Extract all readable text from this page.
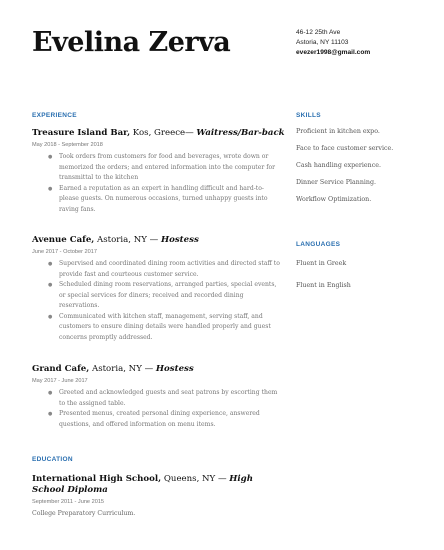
Evelina Zerva	46-12 25th Ave
Astoria, NY 11103
evezer1998@gmail.com
EXPERIENCE
Treasure Island Bar, Kos, Greece— Waitress/Bar-back
May 2018 - September 2018
● Took orders from customers for food and beverages, wrote down or memorized the orders; and entered information into the computer for transmittal to the kitchen
● Earned a reputation as an expert in handling difficult and hard-to-please guests. On numerous occasions, turned unhappy guests into raving fans.
Avenue Cafe, Astoria, NY — Hostess
June 2017 - October 2017
● Supervised and coordinated dining room activities and directed staff to provide fast and courteous customer service.
● Scheduled dining room reservations, arranged parties, special events, or special services for diners; received and recorded dining reservations.
● Communicated with kitchen staff, management, serving staff, and customers to ensure dining details were handled properly and guest concerns promptly addressed.
Grand Cafe, Astoria, NY — Hostess
May 2017 - June 2017
● Greeted and acknowledged guests and seat patrons by escorting them to the assigned table.
● Presented menus, created personal dining experience, answered questions, and offered information on menu items.
EDUCATION
International High School, Queens, NY — High School Diploma
September 2011 - June 2015
College Preparatory Curriculum.
SKILLS
Proficient in kitchen expo.
Face to face customer service.
Cash handling experience.
Dinner Service Planning.
Workflow Optimization.
LANGUAGES
Fluent in Greek
Fluent in English
